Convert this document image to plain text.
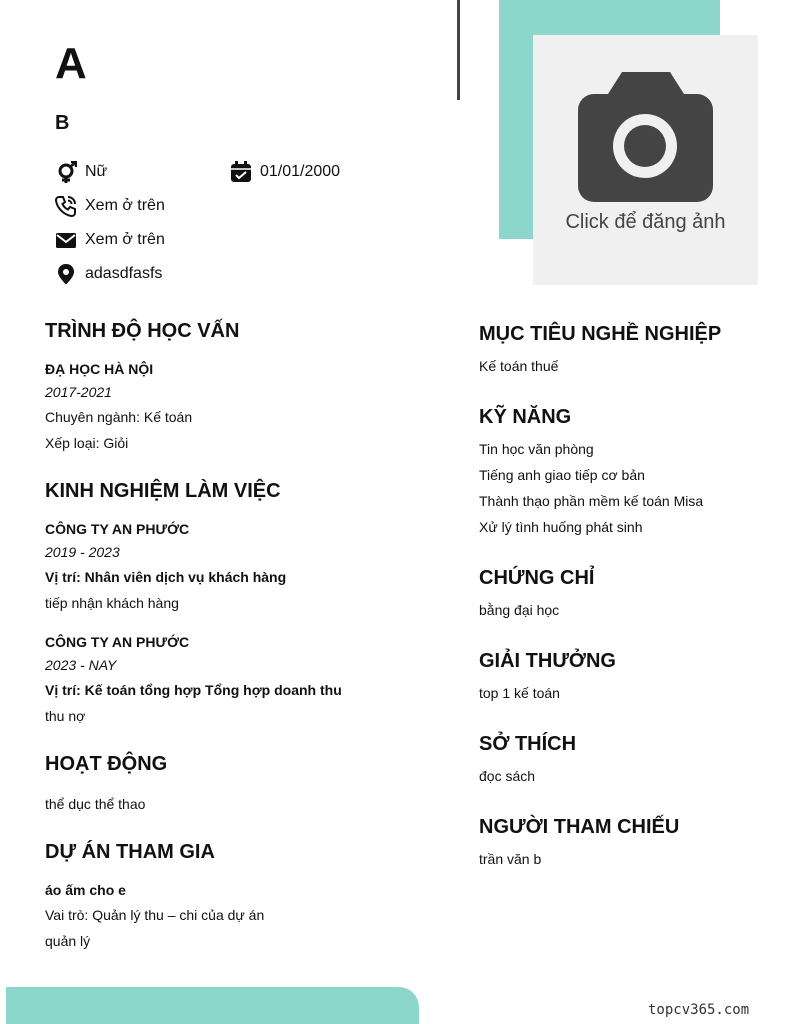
Click để đăng ảnh
A
B
Nữ	01/01/2000
Xem ở trên
Xem ở trên
adasdfasfs
TRÌNH ĐỘ HỌC VẤN
ĐẠ HỌC HÀ NỘI
2017-2021
Chuyên ngành: Kế toán
Xếp loại: Giỏi
KINH NGHIỆM LÀM VIỆC
CÔNG TY AN PHƯỚC
2019 - 2023
Vị trí: Nhân viên dịch vụ khách hàng
tiếp nhận khách hàng
CÔNG TY AN PHƯỚC
2023 - NAY
Vị trí: Kế toán tổng hợp Tổng hợp doanh thu
thu nợ
HOẠT ĐỘNG
thể dục thể thao
DỰ ÁN THAM GIA
áo ấm cho e
Vai trò: Quản lý thu – chi của dự án
quản lý
MỤC TIÊU NGHỀ NGHIỆP
Kế toán thuế
KỸ NĂNG
Tin học văn phòng
Tiếng anh giao tiếp cơ bản
Thành thạo phần mềm kế toán Misa
Xử lý tình huống phát sinh
CHỨNG CHỈ
bằng đại học
GIẢI THƯỞNG
top 1 kế toán
SỞ THÍCH
đọc sách
NGƯỜI THAM CHIẾU
trần văn b
topcv365.com
